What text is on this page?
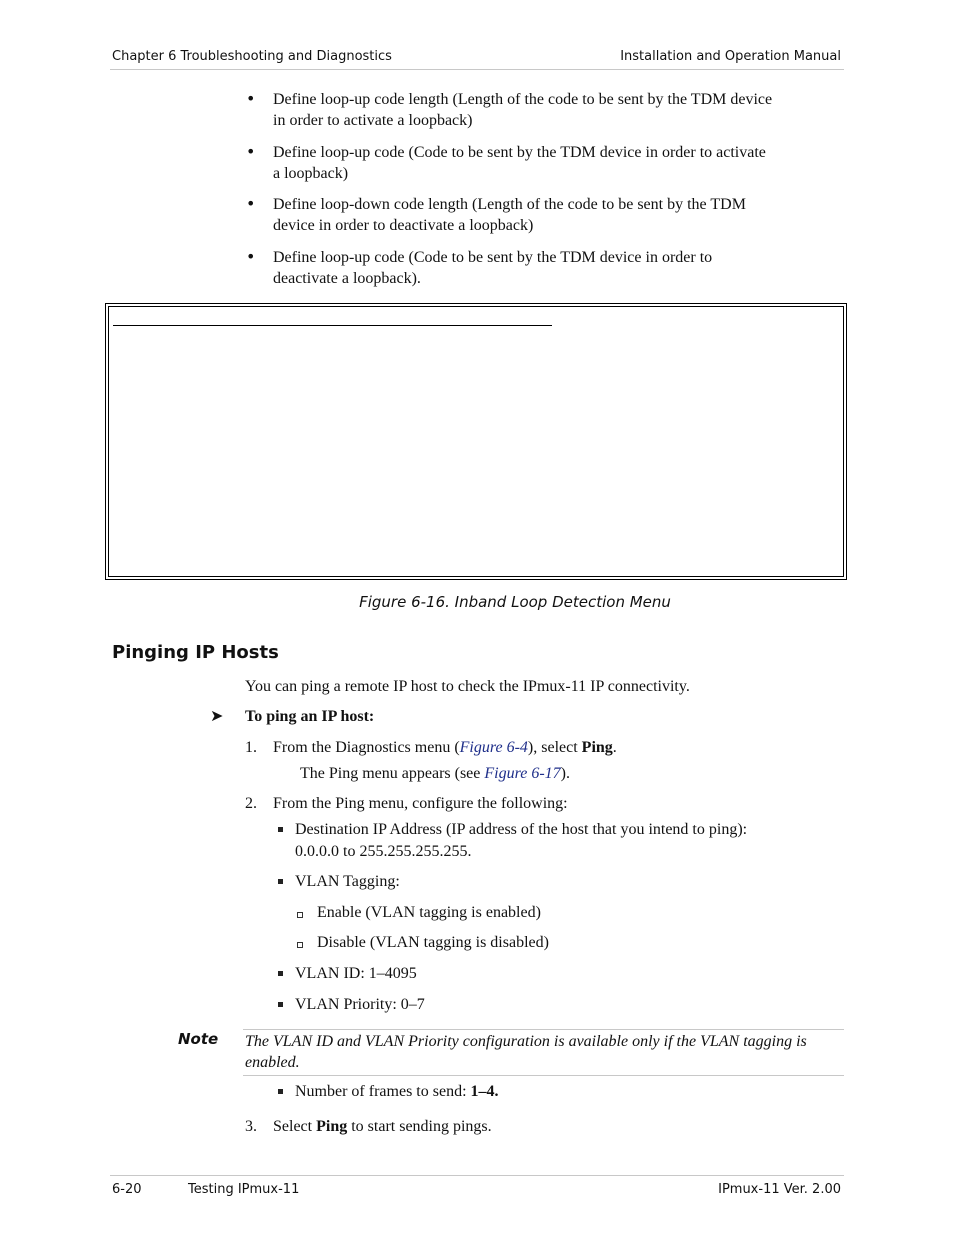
Chapter 6 Troubleshooting and Diagnostics	Installation and Operation Manual
• Define loop-up code length (Length of the code to be sent by the TDM device
in order to activate a loopback)
• Define loop-up code (Code to be sent by the TDM device in order to activate
a loopback)
• Define loop-down code length (Length of the code to be sent by the TDM
device in order to deactivate a loopback)
• Define loop-up code (Code to be sent by the TDM device in order to
deactivate a loopback).
Figure 6-16. Inband Loop Detection Menu
Pinging IP Hosts
You can ping a remote IP host to check the IPmux-11 IP connectivity.
➤ To ping an IP host:
1. From the Diagnostics menu (Figure 6-4), select Ping.
The Ping menu appears (see Figure 6-17).
2. From the Ping menu, configure the following:
Destination IP Address (IP address of the host that you intend to ping):
0.0.0.0 to 255.255.255.255.
VLAN Tagging:
Enable (VLAN tagging is enabled)
Disable (VLAN tagging is disabled)
VLAN ID: 1–4095
VLAN Priority: 0–7
Note The VLAN ID and VLAN Priority configuration is available only if the VLAN tagging is
enabled.
Number of frames to send: 1–4.
3. Select Ping to start sending pings.
6-20	Testing IPmux-11	IPmux-11 Ver. 2.00
